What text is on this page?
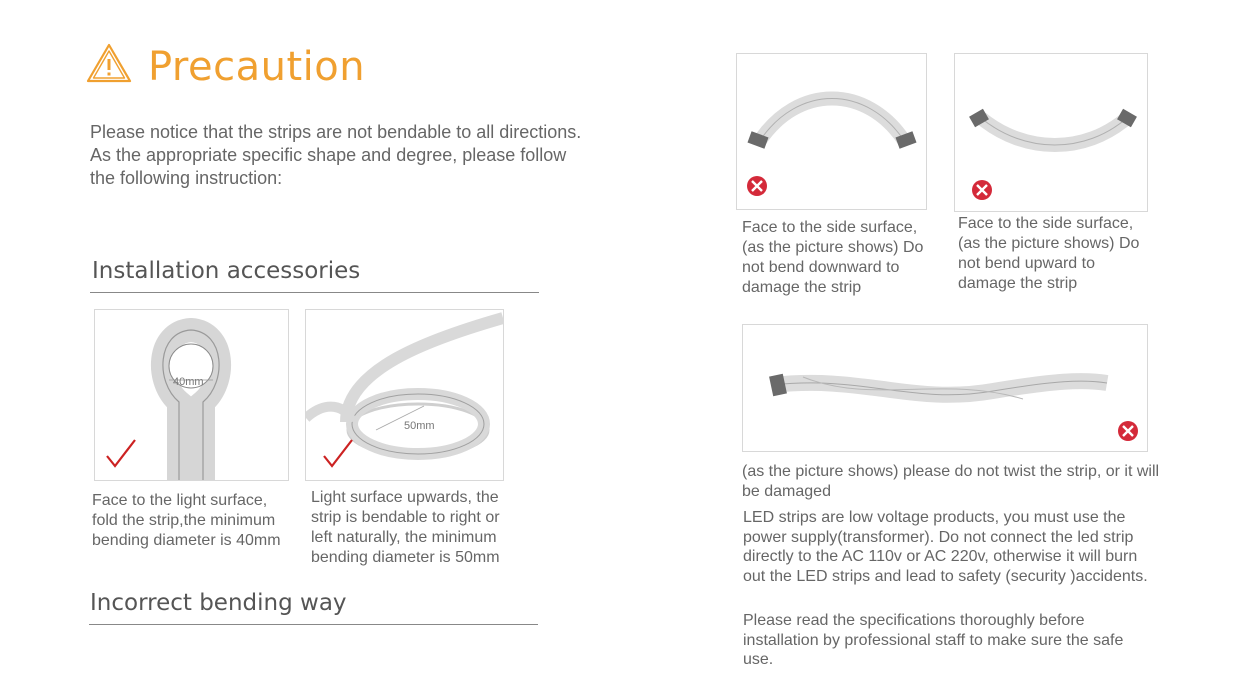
Precaution
Please notice that the strips are not bendable to all directions. As the appropriate specific shape and degree, please follow the following instruction:
Installation accessories
40mm
50mm
Face to the light surface, fold the strip,the minimum bending diameter is 40mm
Light surface upwards, the strip is bendable to right or left naturally, the minimum bending diameter is 50mm
Incorrect bending way
Face to the side surface,(as the picture shows) Do not bend downward to damage the strip
Face to the side surface,(as the picture shows) Do not bend upward to damage the strip
(as the picture shows) please do not twist the strip, or it will be damaged
LED strips are low voltage products, you must use the power supply(transformer). Do not connect the led strip directly to the AC 110v or AC 220v, otherwise it will burn out the LED strips and lead to safety (security )accidents.
Please read the specifications thoroughly before installation by professional staff to make sure the safe use.
